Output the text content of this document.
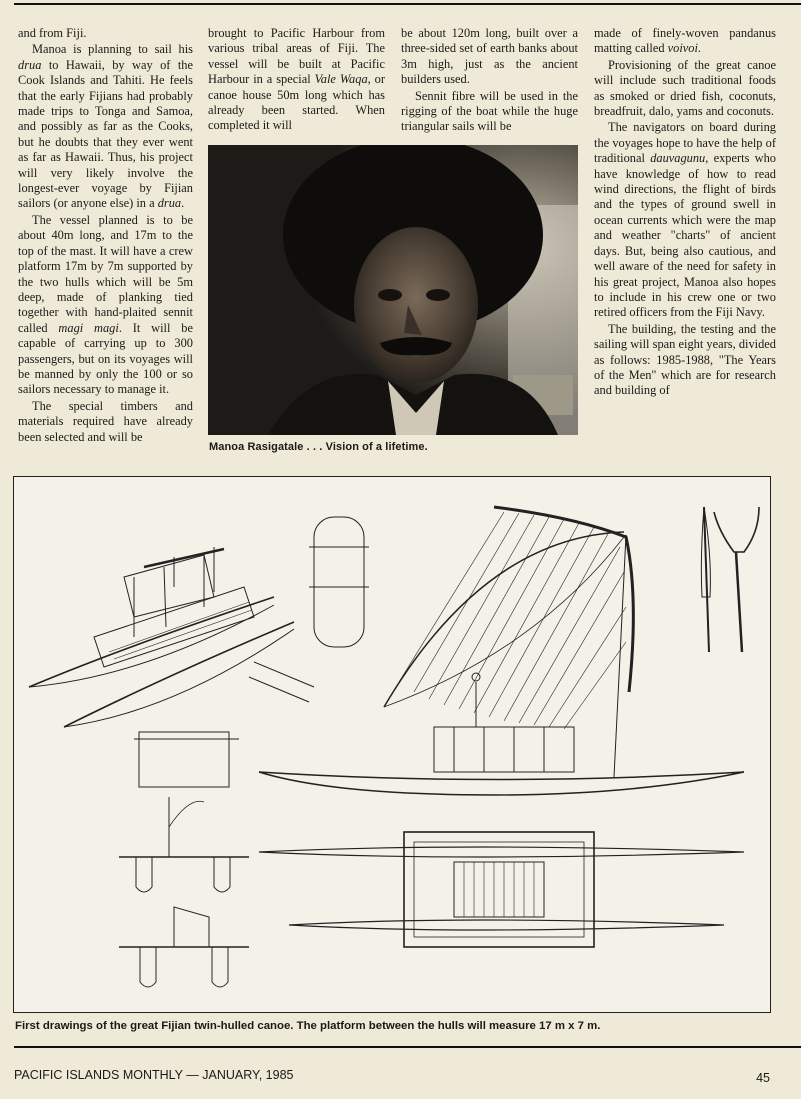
and from Fiji.

Manoa is planning to sail his drua to Hawaii, by way of the Cook Islands and Tahiti. He feels that the early Fijians had probably made trips to Tonga and Samoa, and possibly as far as the Cooks, but he doubts that they ever went as far as Hawaii. Thus, his project will very likely involve the longest-ever voyage by Fijian sailors (or anyone else) in a drua.

The vessel planned is to be about 40m long, and 17m to the top of the mast. It will have a crew platform 17m by 7m supported by the two hulls which will be 5m deep, made of planking tied together with hand-plaited sennit called magi magi. It will be capable of carrying up to 300 passengers, but on its voyages will be manned by only the 100 or so sailors necessary to manage it.

The special timbers and materials required have already been selected and will be

brought to Pacific Harbour from various tribal areas of Fiji. The vessel will be built at Pacific Harbour in a special Vale Waqa, or canoe house 50m long which has already been started. When completed it will

be about 120m long, built over a three-sided set of earth banks about 3m high, just as the ancient builders used.

Sennit fibre will be used in the rigging of the boat while the huge triangular sails will be

made of finely-woven pandanus matting called voivoi.

Provisioning of the great canoe will include such traditional foods as smoked or dried fish, coconuts, breadfruit, dalo, yams and coconuts.

The navigators on board during the voyages hope to have the help of traditional dauvagunu, experts who have knowledge of how to read wind directions, the flight of birds and the types of ground swell in ocean currents which were the map and weather "charts" of ancient days. But, being also cautious, and well aware of the need for safety in his great project, Manoa also hopes to include in his crew one or two retired officers from the Fiji Navy.

The building, the testing and the sailing will span eight years, divided as follows: 1985-1988, "The Years of the Men" which are for research and building of

Manoa Rasigatale . . . Vision of a lifetime.
First drawings of the great Fijian twin-hulled canoe. The platform between the hulls will measure 17 m x 7 m.
PACIFIC ISLANDS MONTHLY — JANUARY, 1985	45
